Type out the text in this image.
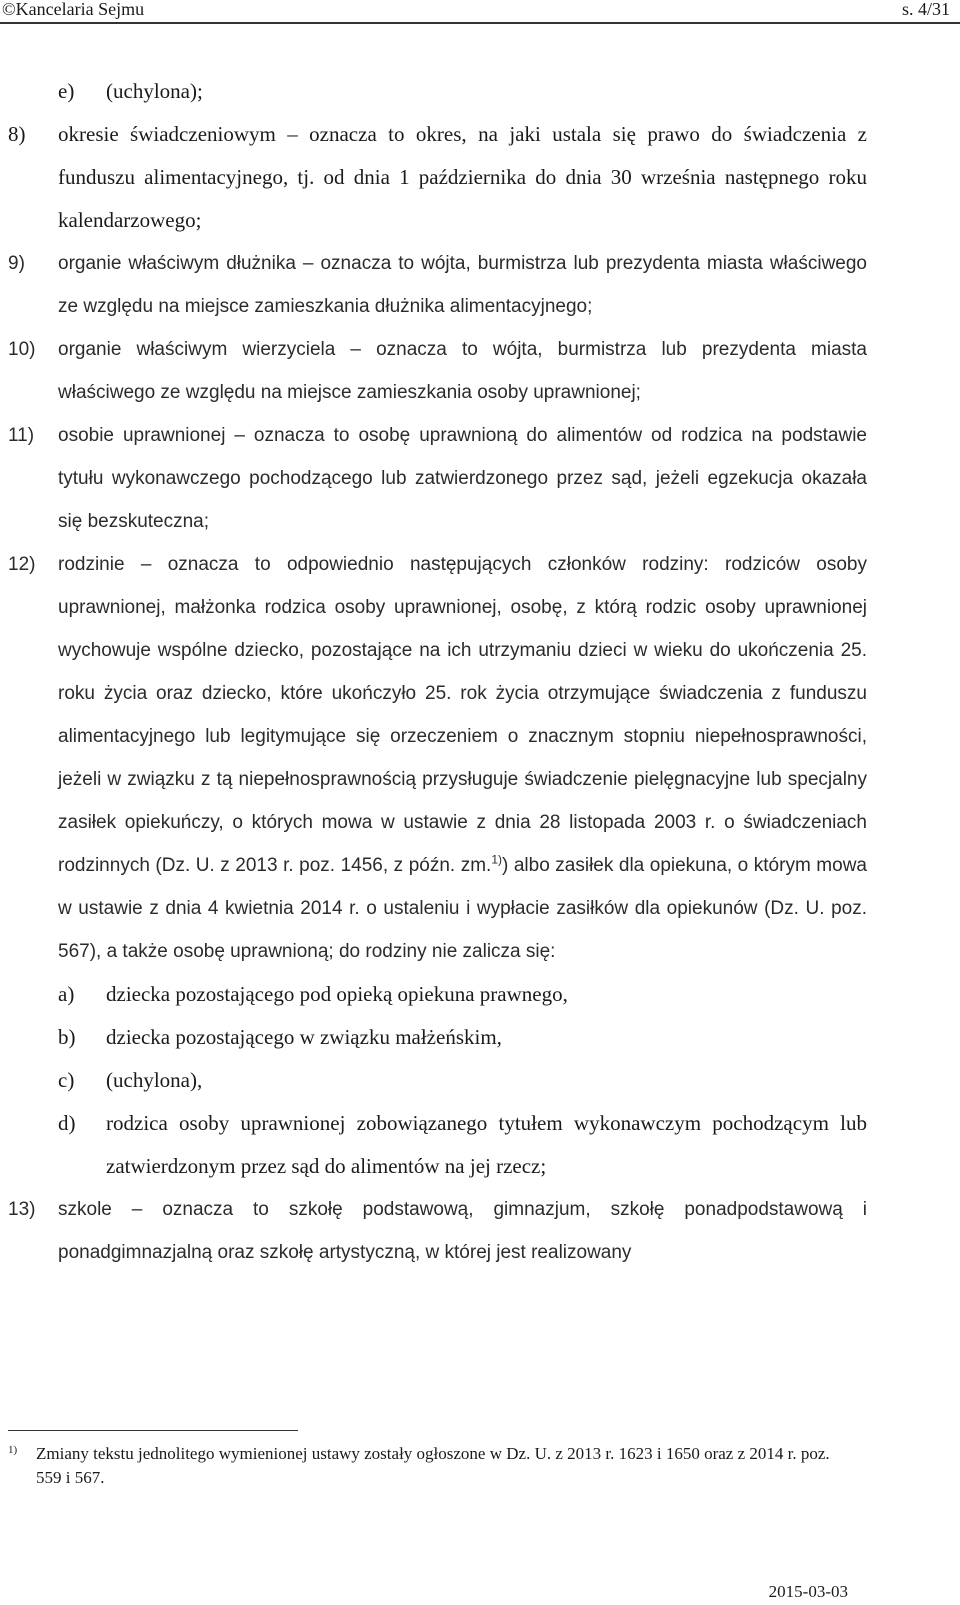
©Kancelaria Sejmu	s. 4/31
e) (uchylona);
8) okresie świadczeniowym – oznacza to okres, na jaki ustala się prawo do świadczenia z funduszu alimentacyjnego, tj. od dnia 1 października do dnia 30 września następnego roku kalendarzowego;
9) organie właściwym dłużnika – oznacza to wójta, burmistrza lub prezydenta miasta właściwego ze względu na miejsce zamieszkania dłużnika alimentacyjnego;
10) organie właściwym wierzyciela – oznacza to wójta, burmistrza lub prezydenta miasta właściwego ze względu na miejsce zamieszkania osoby uprawnionej;
11) osobie uprawnionej – oznacza to osobę uprawnioną do alimentów od rodzica na podstawie tytułu wykonawczego pochodzącego lub zatwierdzonego przez sąd, jeżeli egzekucja okazała się bezskuteczna;
12) rodzinie – oznacza to odpowiednio następujących członków rodziny: rodziców osoby uprawnionej, małżonka rodzica osoby uprawnionej, osobę, z którą rodzic osoby uprawnionej wychowuje wspólne dziecko, pozostające na ich utrzymaniu dzieci w wieku do ukończenia 25. roku życia oraz dziecko, które ukończyło 25. rok życia otrzymujące świadczenia z funduszu alimentacyjnego lub legitymujące się orzeczeniem o znacznym stopniu niepełnosprawności, jeżeli w związku z tą niepełnosprawnością przysługuje świadczenie pielęgnacyjne lub specjalny zasiłek opiekuńczy, o których mowa w ustawie z dnia 28 listopada 2003 r. o świadczeniach rodzinnych (Dz. U. z 2013 r. poz. 1456, z późn. zm.$^{1)}$) albo zasiłek dla opiekuna, o którym mowa w ustawie z dnia 4 kwietnia 2014 r. o ustaleniu i wypłacie zasiłków dla opiekunów (Dz. U. poz. 567), a także osobę uprawnioną; do rodziny nie zalicza się:
a) dziecka pozostającego pod opieką opiekuna prawnego,
b) dziecka pozostającego w związku małżeńskim,
c) (uchylona),
d) rodzica osoby uprawnionej zobowiązanego tytułem wykonawczym pochodzącym lub zatwierdzonym przez sąd do alimentów na jej rzecz;
13) szkole – oznacza to szkołę podstawową, gimnazjum, szkołę ponadpodstawową i ponadgimnazjalną oraz szkołę artystyczną, w której jest realizowany
1) Zmiany tekstu jednolitego wymienionej ustawy zostały ogłoszone w Dz. U. z 2013 r. 1623 i 1650 oraz z 2014 r. poz. 559 i 567.
2015-03-03
